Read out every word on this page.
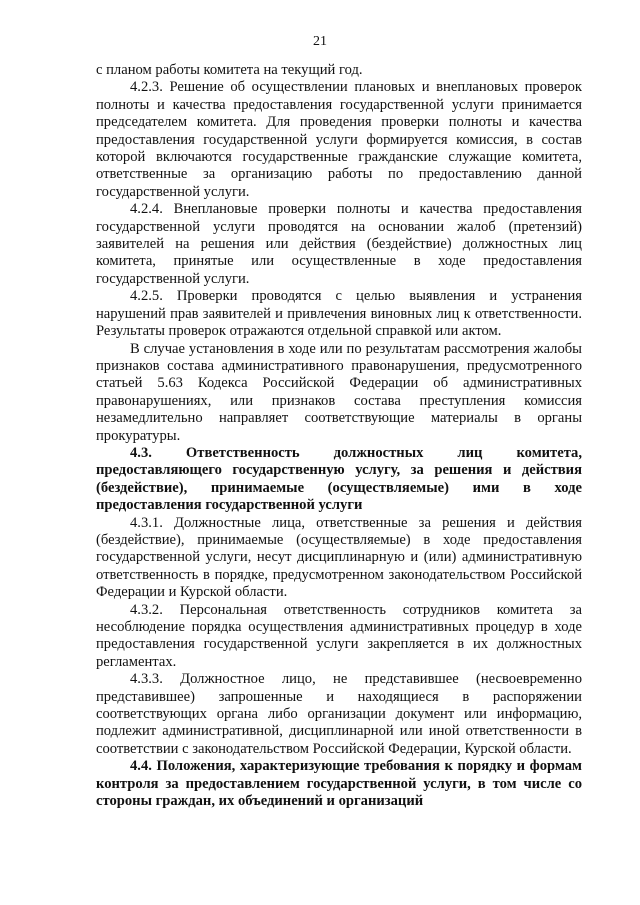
21

с планом работы комитета на текущий год.

4.2.3. Решение об осуществлении плановых и внеплановых проверок полноты и качества предоставления государственной услуги принимается председателем комитета. Для проведения проверки полноты и качества предоставления государственной услуги формируется комиссия, в состав которой включаются государственные гражданские служащие комитета, ответственные за организацию работы по предоставлению данной государственной услуги.

4.2.4. Внеплановые проверки полноты и качества предоставления государственной услуги проводятся на основании жалоб (претензий) заявителей на решения или действия (бездействие) должностных лиц комитета, принятые или осуществленные в ходе предоставления государственной услуги.

4.2.5. Проверки проводятся с целью выявления и устранения нарушений прав заявителей и привлечения виновных лиц к ответственности. Результаты проверок отражаются отдельной справкой или актом.

В случае установления в ходе или по результатам рассмотрения жалобы признаков состава административного правонарушения, предусмотренного статьей 5.63 Кодекса Российской Федерации об административных правонарушениях, или признаков состава преступления комиссия незамедлительно направляет соответствующие материалы в органы прокуратуры.

4.3. Ответственность должностных лиц комитета, предоставляющего государственную услугу, за решения и действия (бездействие), принимаемые (осуществляемые) ими в ходе предоставления государственной услуги

4.3.1. Должностные лица, ответственные за решения и действия (бездействие), принимаемые (осуществляемые) в ходе предоставления государственной услуги, несут дисциплинарную и (или) административную ответственность в порядке, предусмотренном законодательством Российской Федерации и Курской области.

4.3.2. Персональная ответственность сотрудников комитета за несоблюдение порядка осуществления административных процедур в ходе предоставления государственной услуги закрепляется в их должностных регламентах.

4.3.3. Должностное лицо, не представившее (несвоевременно представившее) запрошенные и находящиеся в распоряжении соответствующих органа либо организации документ или информацию, подлежит административной, дисциплинарной или иной ответственности в соответствии с законодательством Российской Федерации, Курской области.

4.4. Положения, характеризующие требования к порядку и формам контроля за предоставлением государственной услуги, в том числе со стороны граждан, их объединений и организаций
